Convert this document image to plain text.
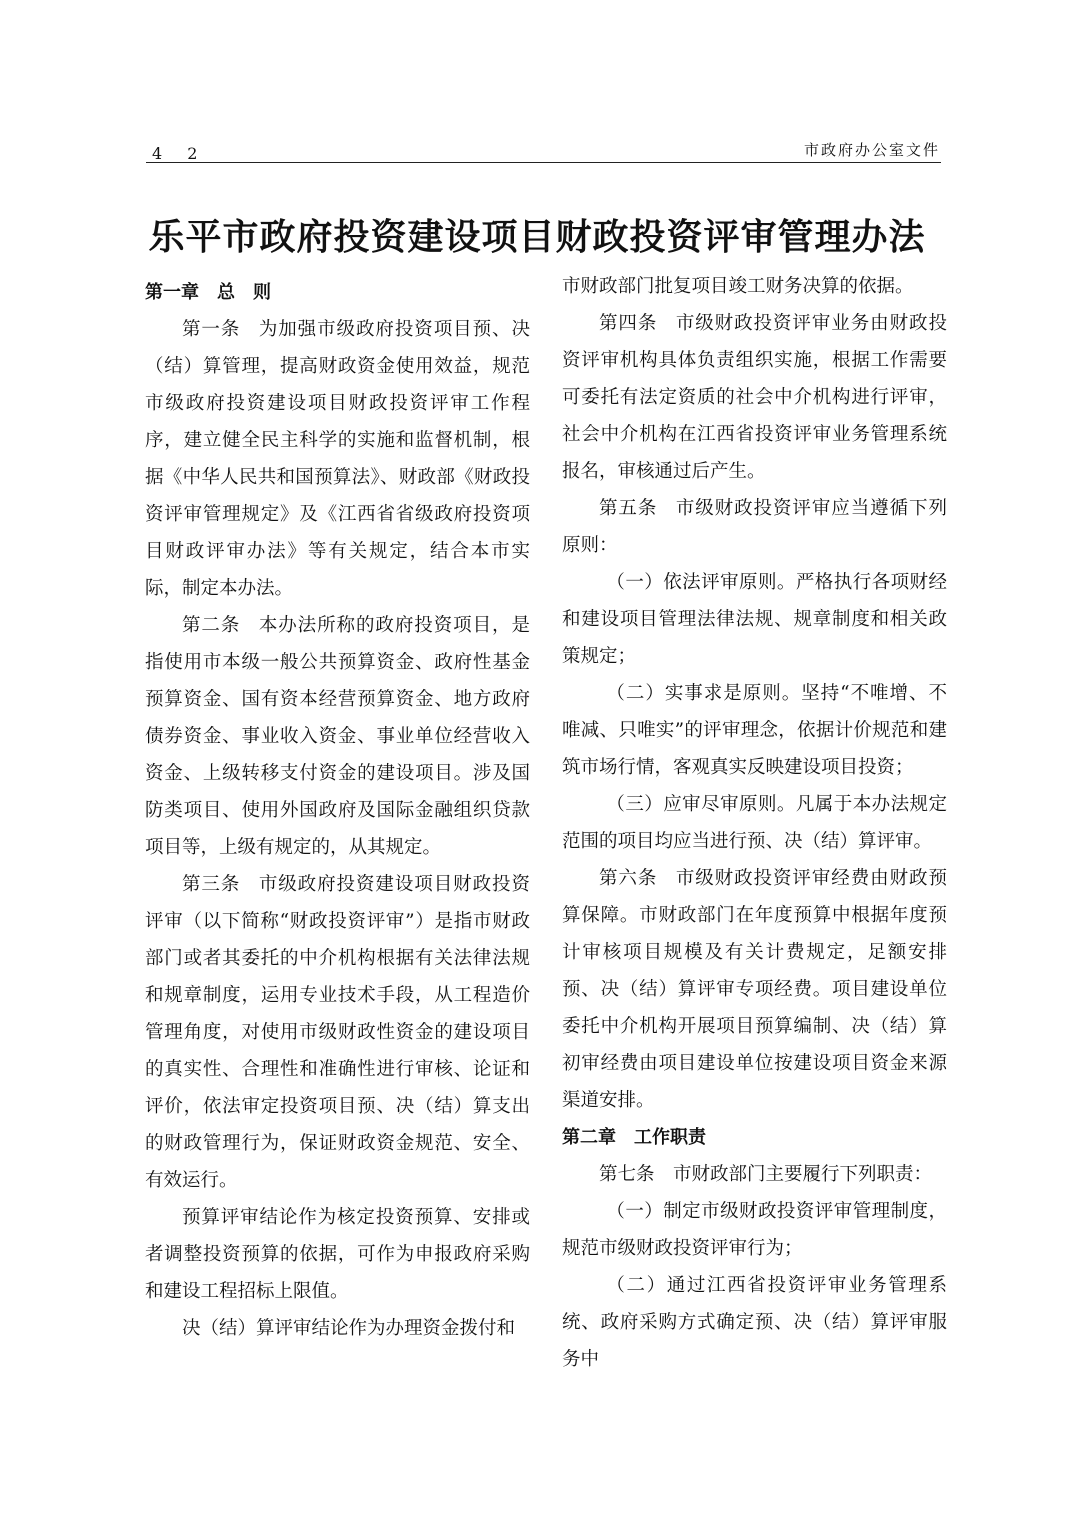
4 2	市政府办公室文件
乐平市政府投资建设项目财政投资评审管理办法

第一章　总　则

第一条 为加强市级政府投资项目预、决（结）算管理，提高财政资金使用效益，规范市级政府投资建设项目财政投资评审工作程序，建立健全民主科学的实施和监督机制，根据《中华人民共和国预算法》、财政部《财政投资评审管理规定》及《江西省省级政府投资项目财政评审办法》等有关规定，结合本市实际，制定本办法。

第二条 本办法所称的政府投资项目，是指使用市本级一般公共预算资金、政府性基金预算资金、国有资本经营预算资金、地方政府债券资金、事业收入资金、事业单位经营收入资金、上级转移支付资金的建设项目。涉及国防类项目、使用外国政府及国际金融组织贷款项目等，上级有规定的，从其规定。

第三条 市级政府投资建设项目财政投资评审（以下简称“财政投资评审”）是指市财政部门或者其委托的中介机构根据有关法律法规和规章制度，运用专业技术手段，从工程造价管理角度，对使用市级财政性资金的建设项目的真实性、合理性和准确性进行审核、论证和评价，依法审定投资项目预、决（结）算支出的财政管理行为，保证财政资金规范、安全、有效运行。

预算评审结论作为核定投资预算、安排或者调整投资预算的依据，可作为申报政府采购和建设工程招标上限值。

决（结）算评审结论作为办理资金拨付和

市财政部门批复项目竣工财务决算的依据。

第四条 市级财政投资评审业务由财政投资评审机构具体负责组织实施，根据工作需要可委托有法定资质的社会中介机构进行评审，社会中介机构在江西省投资评审业务管理系统报名，审核通过后产生。

第五条 市级财政投资评审应当遵循下列原则：

（一）依法评审原则。严格执行各项财经和建设项目管理法律法规、规章制度和相关政策规定；

（二）实事求是原则。坚持“不唯增、不唯减、只唯实”的评审理念，依据计价规范和建筑市场行情，客观真实反映建设项目投资；

（三）应审尽审原则。凡属于本办法规定范围的项目均应当进行预、决（结）算评审。

第六条 市级财政投资评审经费由财政预算保障。市财政部门在年度预算中根据年度预计审核项目规模及有关计费规定，足额安排预、决（结）算评审专项经费。项目建设单位委托中介机构开展项目预算编制、决（结）算初审经费由项目建设单位按建设项目资金来源渠道安排。

第二章　工作职责

第七条 市财政部门主要履行下列职责：

（一）制定市级财政投资评审管理制度，规范市级财政投资评审行为；

（二）通过江西省投资评审业务管理系统、政府采购方式确定预、决（结）算评审服务中
